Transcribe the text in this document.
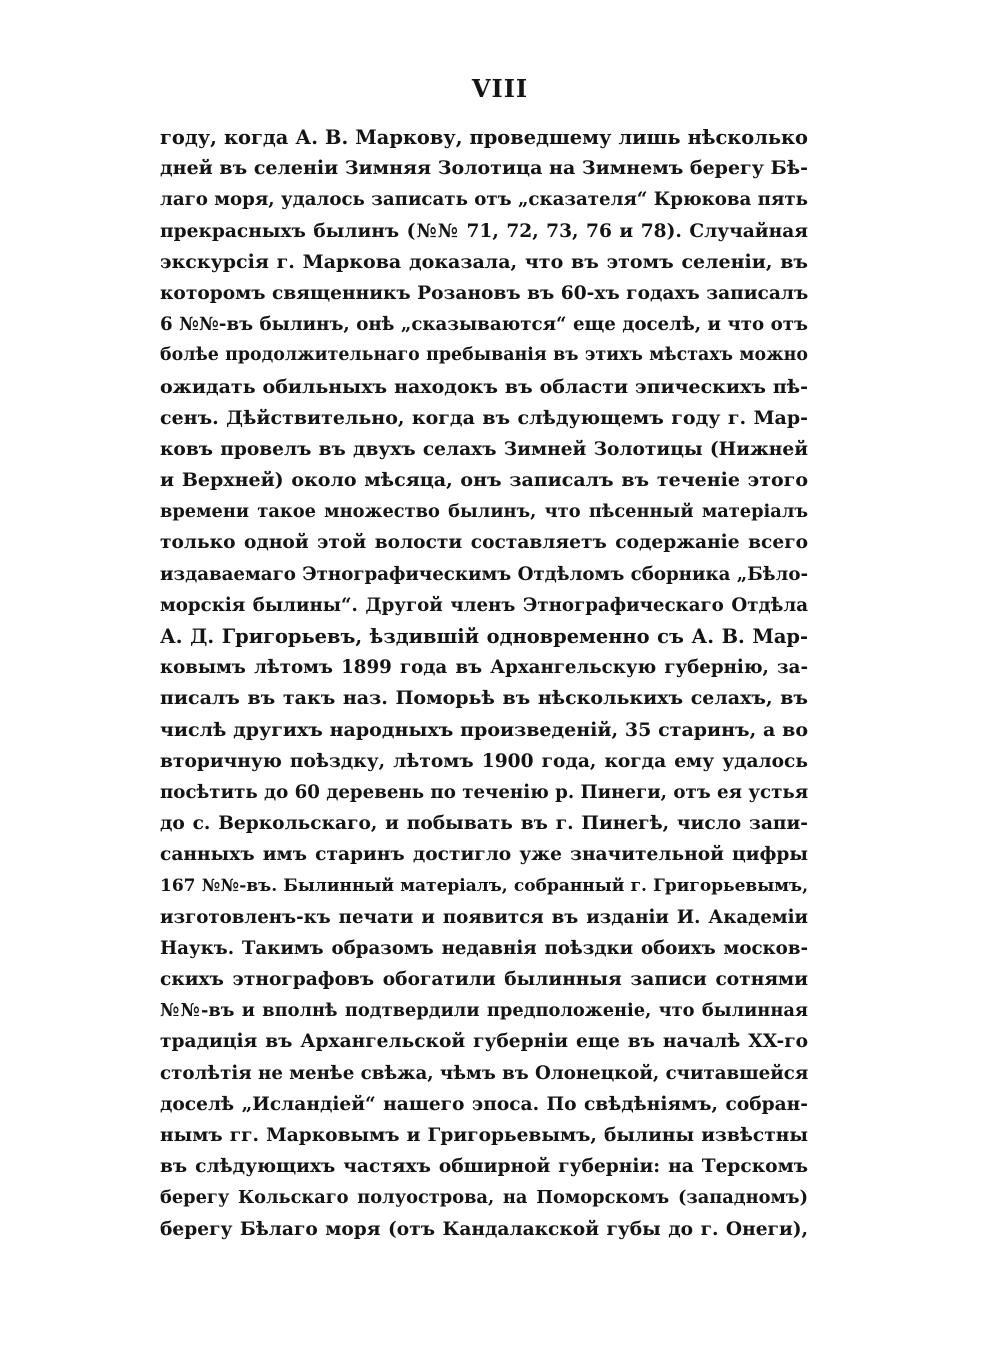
VIII
году, когда А. В. Маркову, проведшему лишь нѣсколько
дней въ селеніи Зимняя Золотица на Зимнемъ берегу Бѣ-
лаго моря, удалось записать отъ „сказателя“ Крюкова пять
прекрасныхъ былинъ (№№ 71, 72, 73, 76 и 78). Случайная
экскурсія г. Маркова доказала, что въ этомъ селеніи, въ
которомъ священникъ Розановъ въ 60-хъ годахъ записалъ
6 №№-въ былинъ, онѣ „сказываются“ еще доселѣ, и что отъ
болѣе продолжительнаго пребыванія въ этихъ мѣстахъ можно
ожидать обильныхъ находокъ въ области эпическихъ пѣ-
сенъ. Дѣйствительно, когда въ слѣдующемъ году г. Мар-
ковъ провелъ въ двухъ селахъ Зимней Золотицы (Нижней
и Верхней) около мѣсяца, онъ записалъ въ теченіе этого
времени такое множество былинъ, что пѣсенный матеріалъ
только одной этой волости составляетъ содержаніе всего
издаваемаго Этнографическимъ Отдѣломъ сборника „Бѣло-
морскія былины“. Другой членъ Этнографическаго Отдѣла
А. Д. Григорьевъ, ѣздившій одновременно съ А. В. Мар-
ковымъ лѣтомъ 1899 года въ Архангельскую губернію, за-
писалъ въ такъ наз. Поморьѣ въ нѣсколькихъ селахъ, въ
числѣ другихъ народныхъ произведеній, 35 старинъ, а во
вторичную поѣздку, лѣтомъ 1900 года, когда ему удалось
посѣтить до 60 деревень по теченію р. Пинеги, отъ ея устья
до с. Веркольскаго, и побывать въ г. Пинегѣ, число запи-
санныхъ имъ старинъ достигло уже значительной цифры
167 №№-въ. Былинный матеріалъ, собранный г. Григорьевымъ,
изготовленъ-къ печати и появится въ изданіи И. Академіи
Наукъ. Такимъ образомъ недавнія поѣздки обоихъ москов-
скихъ этнографовъ обогатили былинныя записи сотнями
№№-въ и вполнѣ подтвердили предположеніе, что былинная
традиція въ Архангельской губерніи еще въ началѣ XX-го
столѣтія не менѣе свѣжа, чѣмъ въ Олонецкой, считавшейся
доселѣ „Исландіей“ нашего эпоса. По свѣдѣніямъ, собран-
нымъ гг. Марковымъ и Григорьевымъ, былины извѣстны
въ слѣдующихъ частяхъ обширной губерніи: на Терскомъ
берегу Кольскаго полуострова, на Поморскомъ (западномъ)
берегу Бѣлаго моря (отъ Кандалакской губы до г. Онеги),
